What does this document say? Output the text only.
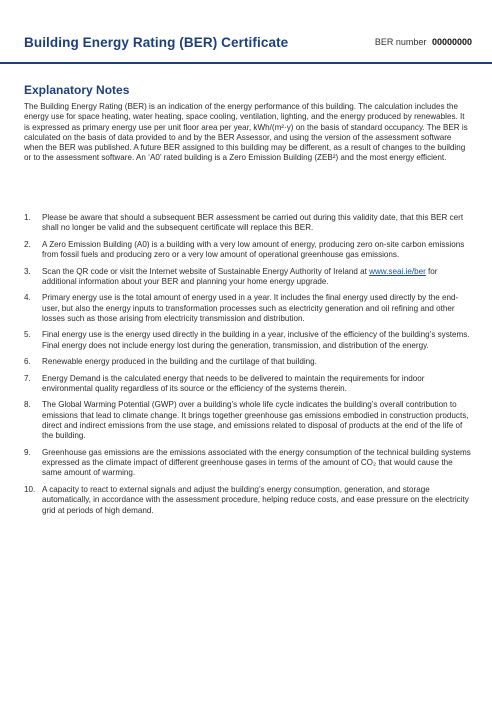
Building Energy Rating (BER) Certificate	BER number 00000000
Explanatory Notes

The Building Energy Rating (BER) is an indication of the energy performance of this building. The calculation includes the energy use for space heating, water heating, space cooling, ventilation, lighting, and the energy produced by renewables. It is expressed as primary energy use per unit floor area per year, kWh/(m²·y) on the basis of standard occupancy. The BER is calculated on the basis of data provided to and by the BER Assessor, and using the version of the assessment software when the BER was published. A future BER assigned to this building may be different, as a result of changes to the building or to the assessment software. An ‘A0’ rated building is a Zero Emission Building (ZEB²) and the most energy efficient.

1.	Please be aware that should a subsequent BER assessment be carried out during this validity date, that this BER cert shall no longer be valid and the subsequent certificate will replace this BER.
2.	A Zero Emission Building (A0) is a building with a very low amount of energy, producing zero on-site carbon emissions from fossil fuels and producing zero or a very low amount of operational greenhouse gas emissions.
3.	Scan the QR code or visit the Internet website of Sustainable Energy Authority of Ireland at www.seai.ie/ber for additional information about your BER and planning your home energy upgrade.
4.	Primary energy use is the total amount of energy used in a year. It includes the final energy used directly by the end-user, but also the energy inputs to transformation processes such as electricity generation and oil refining and other losses such as those arising from electricity transmission and distribution.
5.	Final energy use is the energy used directly in the building in a year, inclusive of the efficiency of the building’s systems. Final energy does not include energy lost during the generation, transmission, and distribution of the energy.
6.	Renewable energy produced in the building and the curtilage of that building.
7.	Energy Demand is the calculated energy that needs to be delivered to maintain the requirements for indoor environmental quality regardless of its source or the efficiency of the systems therein.
8.	The Global Warming Potential (GWP) over a building’s whole life cycle indicates the building’s overall contribution to emissions that lead to climate change. It brings together greenhouse gas emissions embodied in construction products, direct and indirect emissions from the use stage, and emissions related to disposal of products at the end of the life of the building.
9.	Greenhouse gas emissions are the emissions associated with the energy consumption of the technical building systems expressed as the climate impact of different greenhouse gases in terms of the amount of CO₂ that would cause the same amount of warming.
10. A capacity to react to external signals and adjust the building’s energy consumption, generation, and storage automatically, in accordance with the assessment procedure, helping reduce costs, and ease pressure on the electricity grid at periods of high demand.
